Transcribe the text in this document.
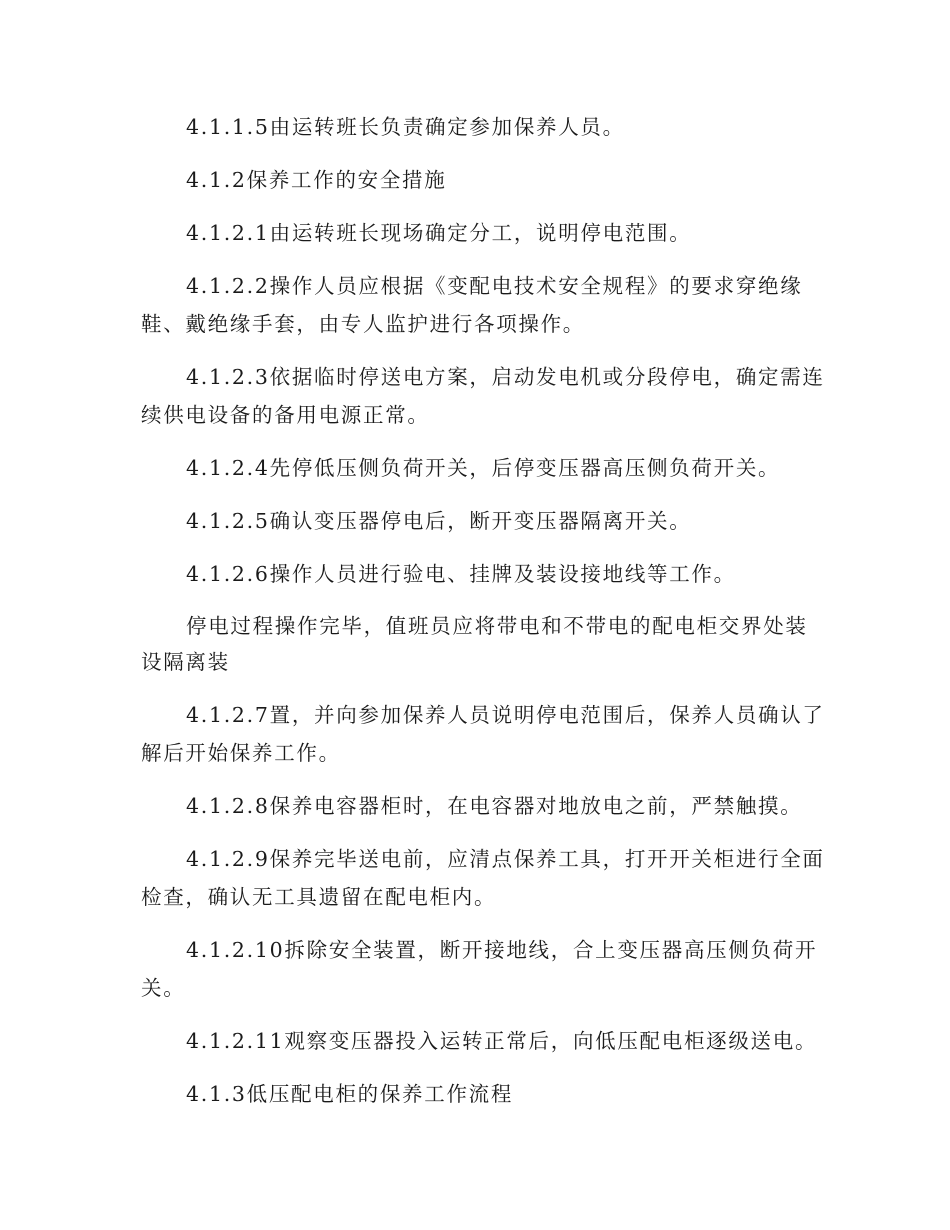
4.1.1.5由运转班长负责确定参加保养人员。
4.1.2保养工作的安全措施
4.1.2.1由运转班长现场确定分工，说明停电范围。
4.1.2.2操作人员应根据《变配电技术安全规程》的要求穿绝缘
鞋、戴绝缘手套，由专人监护进行各项操作。
4.1.2.3依据临时停送电方案，启动发电机或分段停电，确定需连
续供电设备的备用电源正常。
4.1.2.4先停低压侧负荷开关，后停变压器高压侧负荷开关。
4.1.2.5确认变压器停电后，断开变压器隔离开关。
4.1.2.6操作人员进行验电、挂牌及装设接地线等工作。
停电过程操作完毕，值班员应将带电和不带电的配电柜交界处装
设隔离装
4.1.2.7置，并向参加保养人员说明停电范围后，保养人员确认了
解后开始保养工作。
4.1.2.8保养电容器柜时，在电容器对地放电之前，严禁触摸。
4.1.2.9保养完毕送电前，应清点保养工具，打开开关柜进行全面
检查，确认无工具遗留在配电柜内。
4.1.2.10拆除安全装置，断开接地线，合上变压器高压侧负荷开
关。
4.1.2.11观察变压器投入运转正常后，向低压配电柜逐级送电。
4.1.3低压配电柜的保养工作流程
